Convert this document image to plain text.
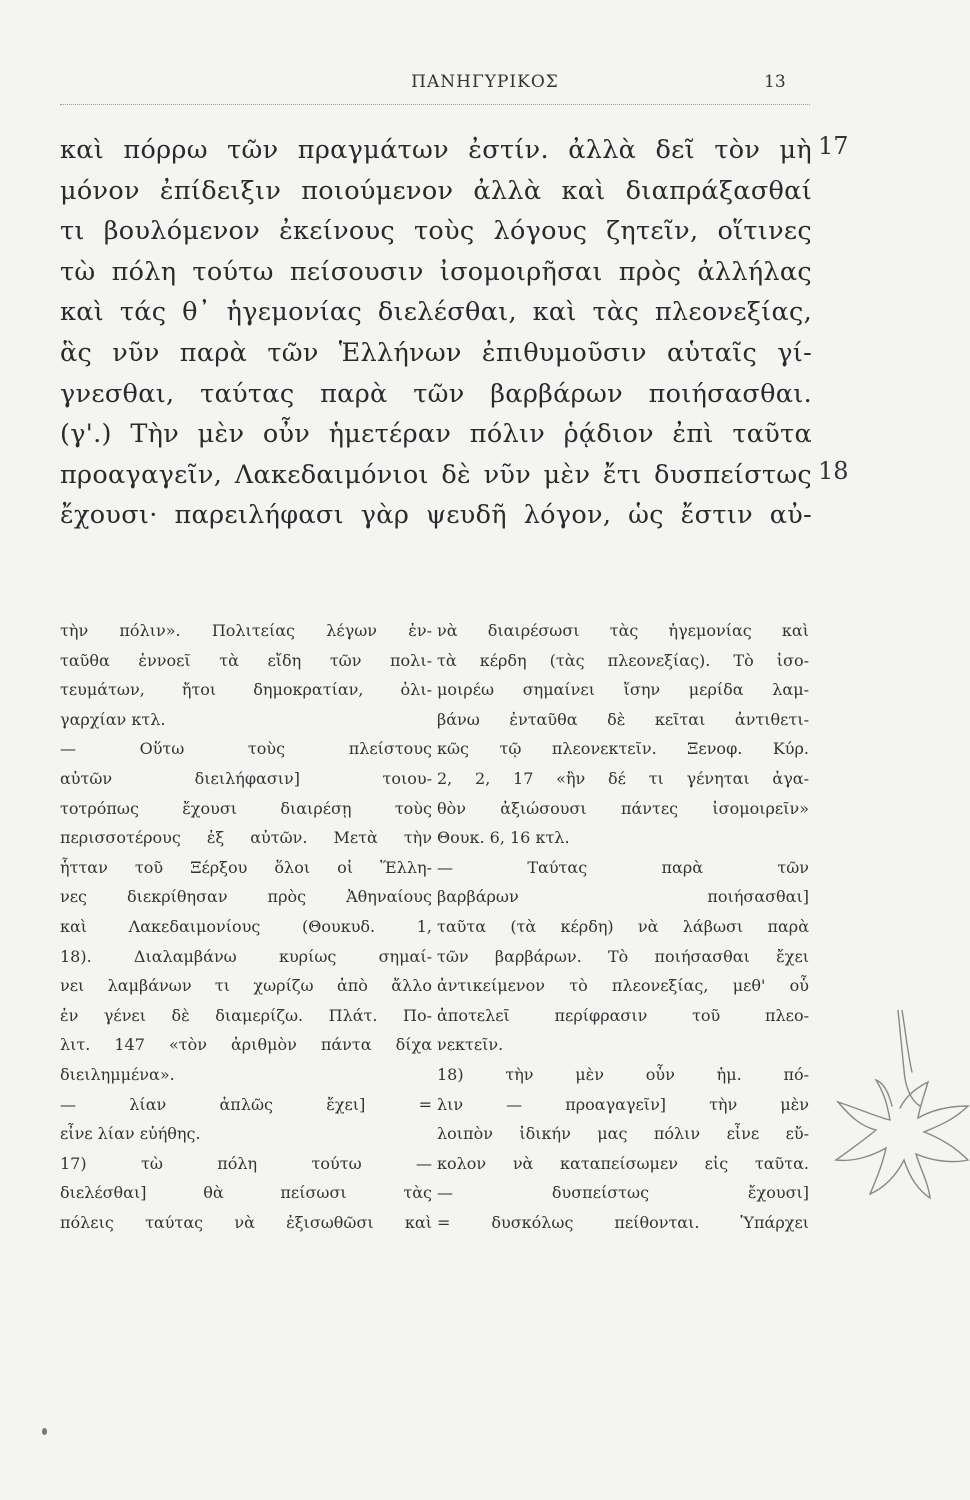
ΠΑΝΗΓΥΡΙΚΟΣ	13
καὶ πόρρω τῶν πραγμάτων ἐστίν. ἀλλὰ δεῖ τὸν μὴ
μόνον ἐπίδειξιν ποιούμενον ἀλλὰ καὶ διαπράξασθαί
τι βουλόμενον ἐκείνους τοὺς λόγους ζητεῖν, οἵτινες
τὼ πόλη τούτω πείσουσιν ἰσομοιρῆσαι πρὸς ἀλλήλας
καὶ τάς θ᾿ ἡγεμονίας διελέσθαι, καὶ τὰς πλεονεξίας,
ἃς νῦν παρὰ τῶν Ἑλλήνων ἐπιθυμοῦσιν αὑταῖς γί-
γνεσθαι, ταύτας παρὰ τῶν βαρβάρων ποιήσασθαι.
(γ'.) Τὴν μὲν οὖν ἡμετέραν πόλιν ῥᾴδιον ἐπὶ ταῦτα
προαγαγεῖν, Λακεδαιμόνιοι δὲ νῦν μὲν ἔτι δυσπείστως
ἔχουσι· παρειλήφασι γὰρ ψευδῆ λόγον, ὡς ἔστιν αὐ-
17
18
τὴν πόλιν». Πολιτείας λέγων ἐν-
ταῦθα ἐννοεῖ τὰ εἴδη τῶν πολι-
τευμάτων, ἤτοι δημοκρατίαν, ὀλι-
γαρχίαν κτλ.
— Οὕτω τοὺς πλείστους
αὐτῶν διειλήφασιν] τοιου-
τοτρόπως ἔχουσι διαιρέσῃ τοὺς
περισσοτέρους ἐξ αὐτῶν. Μετὰ τὴν
ἧτταν τοῦ Ξέρξου ὅλοι οἱ Ἕλλη-
νες διεκρίθησαν πρὸς Ἀθηναίους
καὶ Λακεδαιμονίους (Θουκυδ. 1,
18). Διαλαμβάνω κυρίως σημαί-
νει λαμβάνων τι χωρίζω ἀπὸ ἄλλο
ἐν γένει δὲ διαμερίζω. Πλάτ. Πο-
λιτ. 147 «τὸν ἀριθμὸν πάντα δίχα
διειλημμένα».
— λίαν ἁπλῶς ἔχει] =
εἶνε λίαν εὐήθης.
17) τὼ πόλη τούτω —
διελέσθαι] θὰ πείσωσι τὰς
πόλεις ταύτας νὰ ἐξισωθῶσι καὶ
νὰ διαιρέσωσι τὰς ἡγεμονίας καὶ
τὰ κέρδη (τὰς πλεονεξίας). Τὸ ἰσο-
μοιρέω σημαίνει ἴσην μερίδα λαμ-
βάνω ἐνταῦθα δὲ κεῖται ἀντιθετι-
κῶς τῷ πλεονεκτεῖν. Ξενοφ. Κύρ.
2, 2, 17 «ἢν δέ τι γένηται ἀγα-
θὸν ἀξιώσουσι πάντες ἰσομοιρεῖν»
Θουκ. 6, 16 κτλ.
— Ταύτας παρὰ τῶν
βαρβάρων ποιήσασθαι]
ταῦτα (τὰ κέρδη) νὰ λάβωσι παρὰ
τῶν βαρβάρων. Τὸ ποιήσασθαι ἔχει
ἀντικείμενον τὸ πλεονεξίας, μεθ' οὗ
ἀποτελεῖ περίφρασιν τοῦ πλεο-
νεκτεῖν.
18) τὴν μὲν οὖν ἡμ. πό-
λιν — προαγαγεῖν] τὴν μὲν
λοιπὸν ἰδικήν μας πόλιν εἶνε εὔ-
κολον νὰ καταπείσωμεν εἰς ταῦτα.
— δυσπείστως ἔχουσι]
= δυσκόλως πείθονται. Ὑπάρχει
